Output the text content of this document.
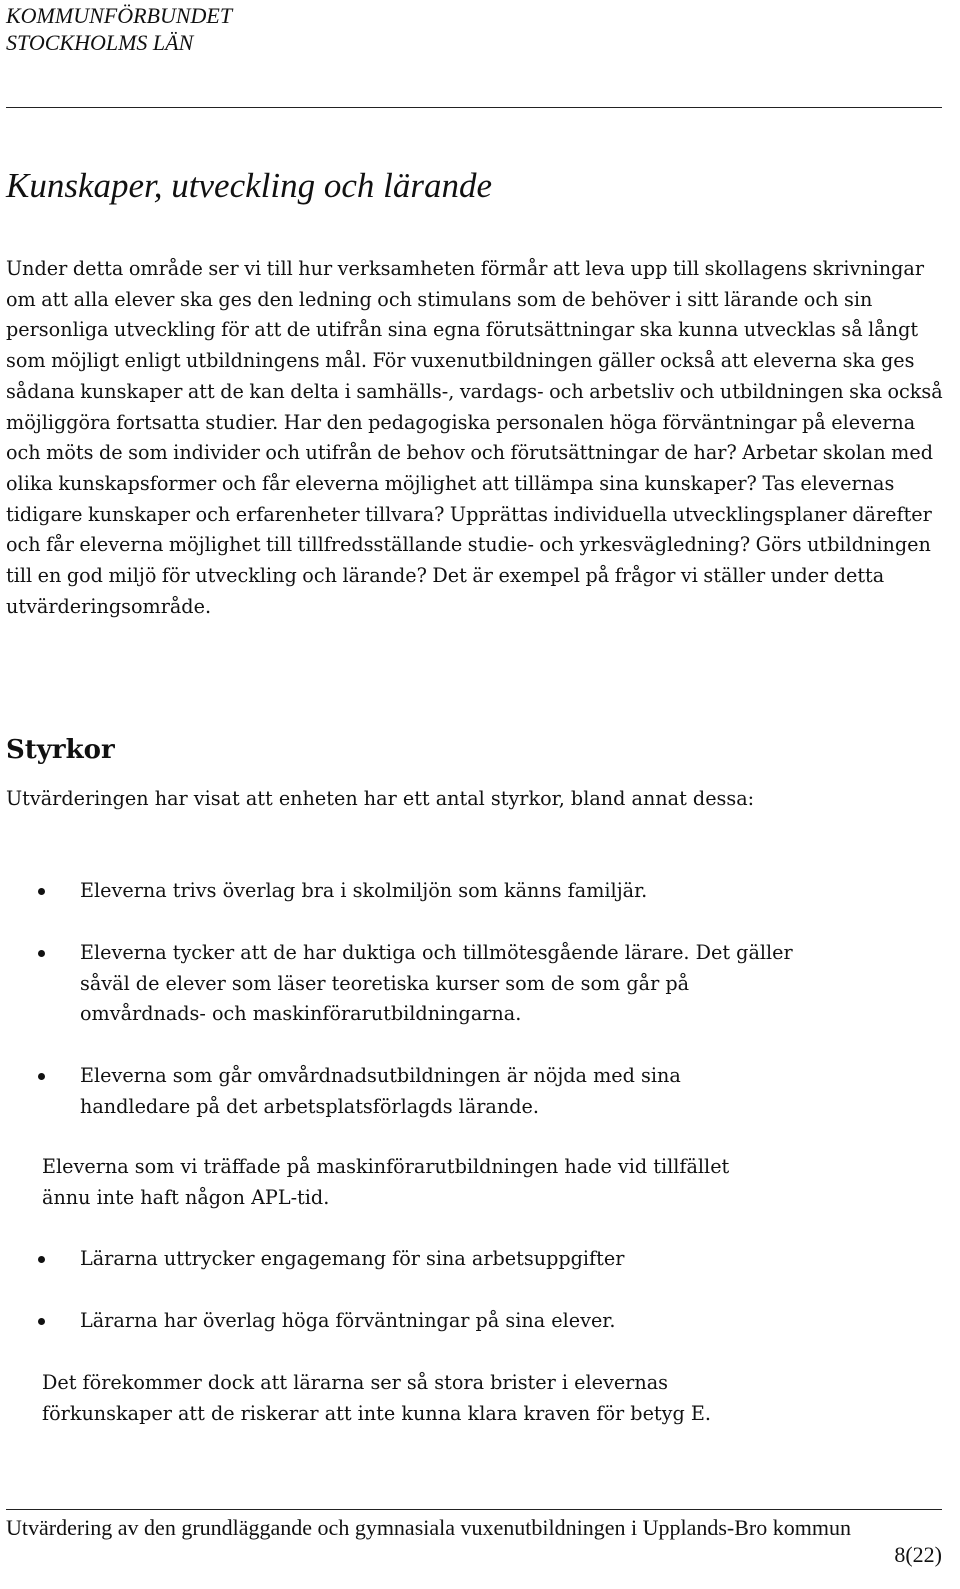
KOMMUNFÖRBUNDET
STOCKHOLMS LÄN
Kunskaper, utveckling och lärande

Under detta område ser vi till hur verksamheten förmår att leva upp till skollagens skrivningar om att alla elever ska ges den ledning och stimulans som de behöver i sitt lärande och sin personliga utveckling för att de utifrån sina egna förutsättningar ska kunna utvecklas så långt som möjligt enligt utbildningens mål. För vuxenutbildningen gäller också att eleverna ska ges sådana kunskaper att de kan delta i samhälls-, vardags- och arbetsliv och utbildningen ska också möjliggöra fortsatta studier. Har den pedagogiska personalen höga förväntningar på eleverna och möts de som individer och utifrån de behov och förutsättningar de har? Arbetar skolan med olika kunskapsformer och får eleverna möjlighet att tillämpa sina kunskaper? Tas elevernas tidigare kunskaper och erfarenheter tillvara? Upprättas individuella utvecklingsplaner därefter och får eleverna möjlighet till tillfredsställande studie- och yrkesvägledning? Görs utbildningen till en god miljö för utveckling och lärande? Det är exempel på frågor vi ställer under detta utvärderingsområde.

Styrkor

Utvärderingen har visat att enheten har ett antal styrkor, bland annat dessa:

Eleverna trivs överlag bra i skolmiljön som känns familjär.

Eleverna tycker att de har duktiga och tillmötesgående lärare. Det gäller såväl de elever som läser teoretiska kurser som de som går på omvårdnads- och maskinförarutbildningarna.

Eleverna som går omvårdnadsutbildningen är nöjda med sina handledare på det arbetsplatsförlagds lärande.

Eleverna som vi träffade på maskinförarutbildningen hade vid tillfället ännu inte haft någon APL-tid.

Lärarna uttrycker engagemang för sina arbetsuppgifter

Lärarna har överlag höga förväntningar på sina elever.

Det förekommer dock att lärarna ser så stora brister i elevernas förkunskaper att de riskerar att inte kunna klara kraven för betyg E.

Utvärdering av den grundläggande och gymnasiala vuxenutbildningen i Upplands-Bro kommun
8(22)
